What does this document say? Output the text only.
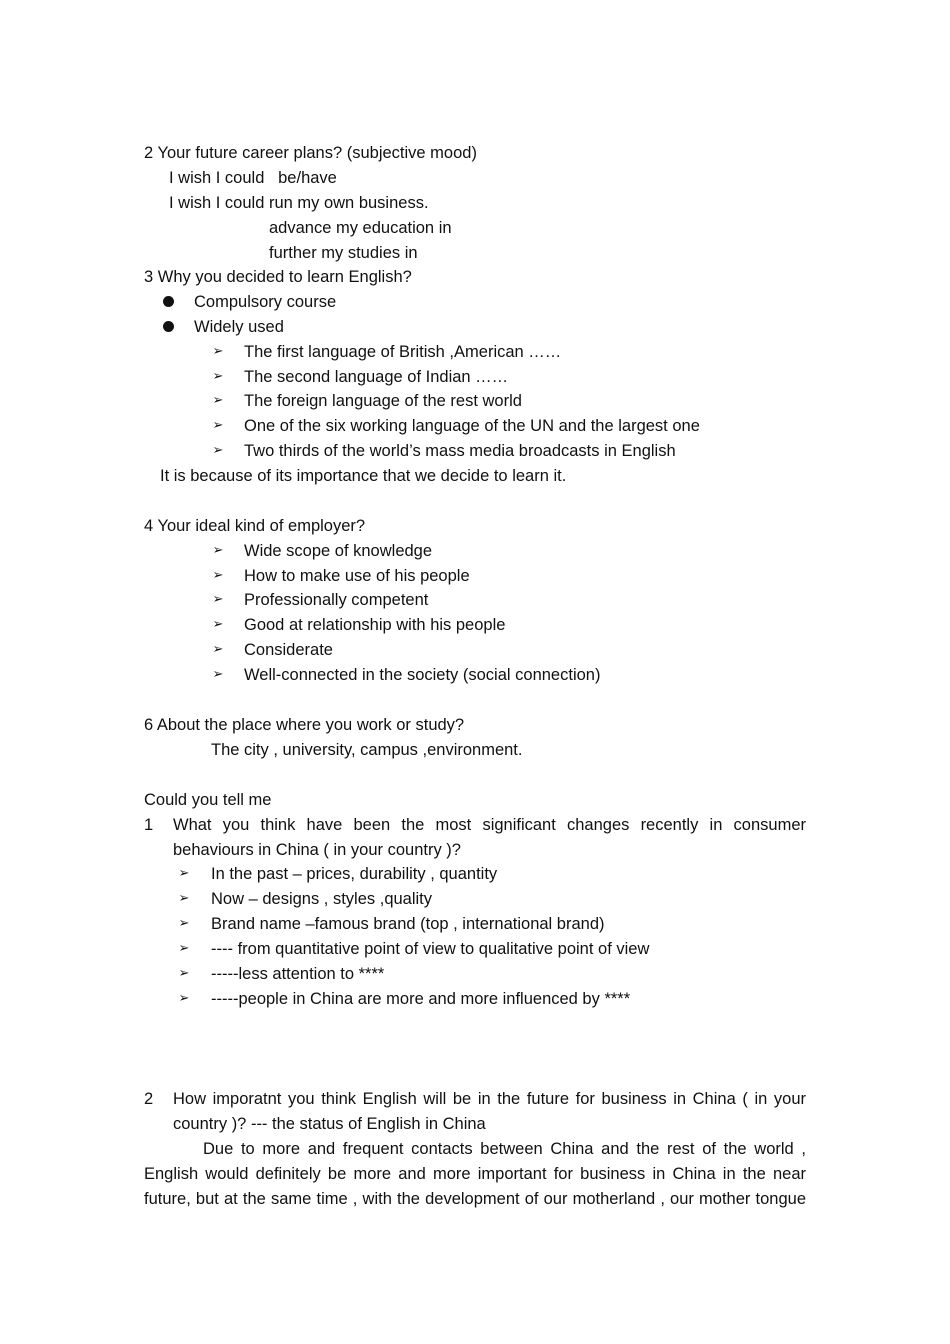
2 Your future career plans? (subjective mood)
I wish I could   be/have
I wish I could run my own business.
advance my education in
further my studies in
3 Why you decided to learn English?
Compulsory course
Widely used
➢ The first language of British ,American ……
➢ The second language of Indian ……
➢ The foreign language of the rest world
➢ One of the six working language of the UN and the largest one
➢ Two thirds of the world’s mass media broadcasts in English
It is because of its importance that we decide to learn it.
4 Your ideal kind of employer?
➢ Wide scope of knowledge
➢ How to make use of his people
➢ Professionally competent
➢ Good at relationship with his people
➢ Considerate
➢ Well-connected in the society (social connection)
6 About the place where you work or study?
The city , university, campus ,environment.
Could you tell me
1 What you think have been the most significant changes recently in consumer
behaviours in China ( in your country )?
➢ In the past – prices, durability , quantity
➢ Now – designs , styles ,quality
➢ Brand name –famous brand (top , international brand)
➢ ---- from quantitative point of view to qualitative point of view
➢ -----less attention to ****
➢ -----people in China are more and more influenced by ****
2 How imporatnt you think English will be in the future for business in China ( in your
country )? --- the status of English in China
Due to more and frequent contacts between China and the rest of the world ,
English would definitely be more and more important for business in China in the near
future, but at the same time , with the development of our motherland , our mother tongue
